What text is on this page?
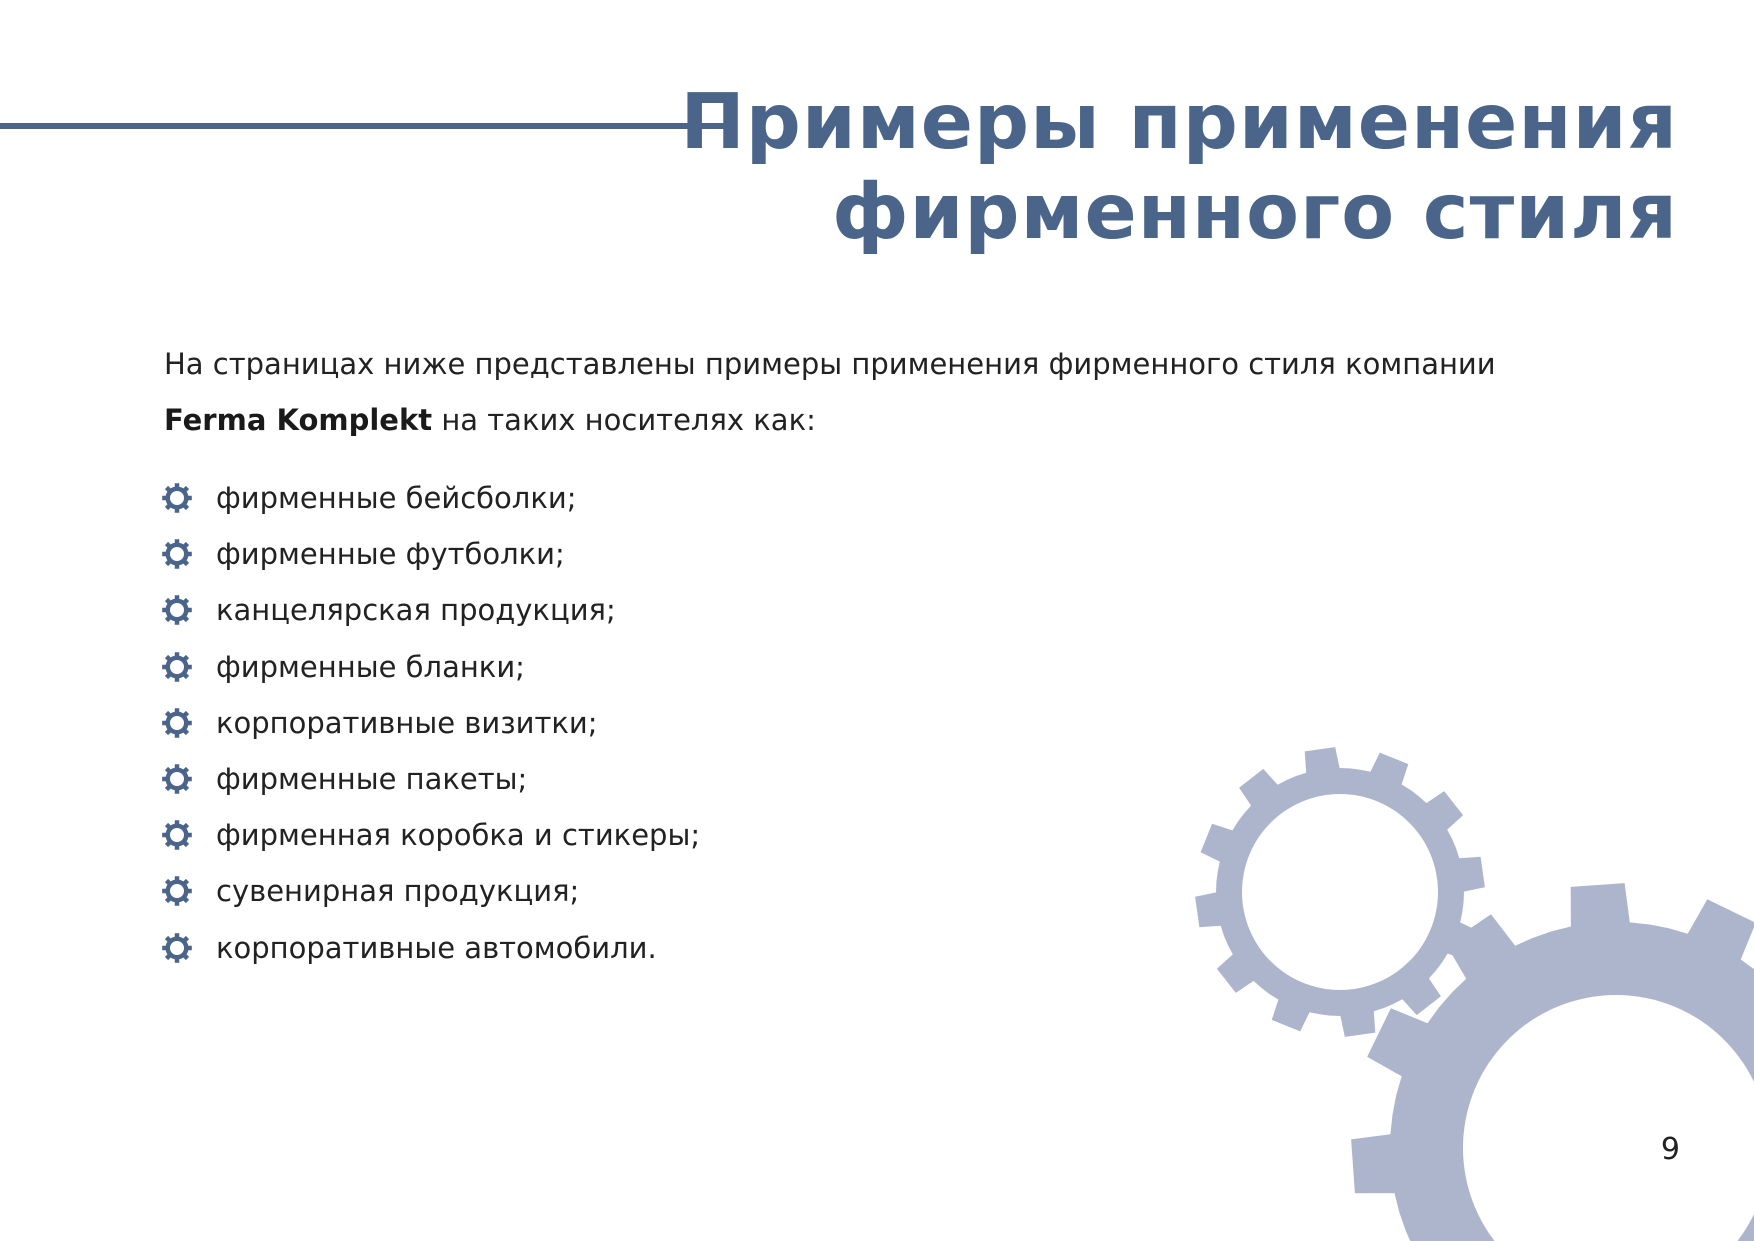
Примеры применения
фирменного стиля

На страницах ниже представлены примеры применения фирменного стиля компании
Ferma Komplekt на таких носителях как:

фирменные бейсболки;
фирменные футболки;
канцелярская продукция;
фирменные бланки;
корпоративные визитки;
фирменные пакеты;
фирменная коробка и стикеры;
сувенирная продукция;
корпоративные автомобили.
9
